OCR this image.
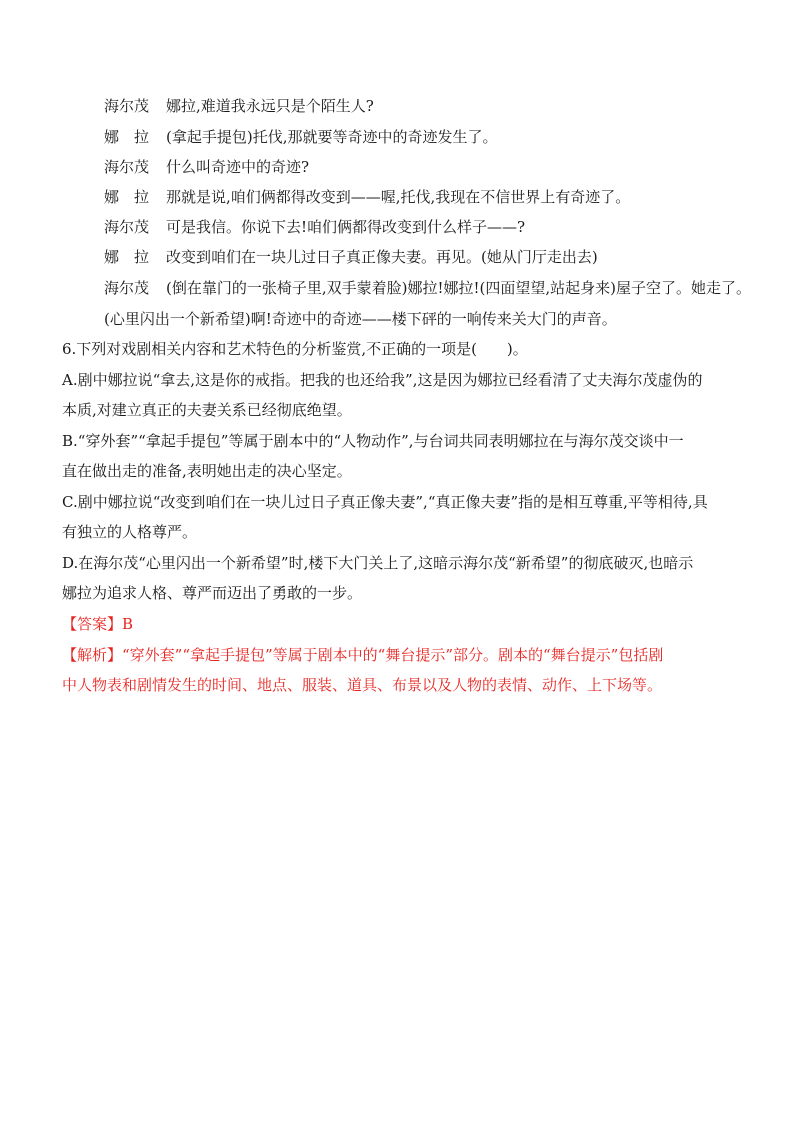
海尔茂 娜拉,难道我永远只是个陌生人?
娜　拉 (拿起手提包)托伐,那就要等奇迹中的奇迹发生了。
海尔茂 什么叫奇迹中的奇迹?
娜　拉 那就是说,咱们俩都得改变到——喔,托伐,我现在不信世界上有奇迹了。
海尔茂 可是我信。你说下去!咱们俩都得改变到什么样子——?
娜　拉 改变到咱们在一块儿过日子真正像夫妻。再见。(她从门厅走出去)
海尔茂 (倒在靠门的一张椅子里,双手蒙着脸)娜拉!娜拉!(四面望望,站起身来)屋子空了。她走了。
(心里闪出一个新希望)啊!奇迹中的奇迹——楼下砰的一响传来关大门的声音。
6.下列对戏剧相关内容和艺术特色的分析鉴赏,不正确的一项是(　　)。
A.剧中娜拉说“拿去,这是你的戒指。把我的也还给我”,这是因为娜拉已经看清了丈夫海尔茂虚伪的
本质,对建立真正的夫妻关系已经彻底绝望。
B.“穿外套”“拿起手提包”等属于剧本中的“人物动作”,与台词共同表明娜拉在与海尔茂交谈中一
直在做出走的准备,表明她出走的决心坚定。
C.剧中娜拉说“改变到咱们在一块儿过日子真正像夫妻”,“真正像夫妻”指的是相互尊重,平等相待,具
有独立的人格尊严。
D.在海尔茂“心里闪出一个新希望”时,楼下大门关上了,这暗示海尔茂“新希望”的彻底破灭,也暗示
娜拉为追求人格、尊严而迈出了勇敢的一步。
【答案】B
【解析】“穿外套”“拿起手提包”等属于剧本中的“舞台提示”部分。剧本的“舞台提示”包括剧
中人物表和剧情发生的时间、地点、服装、道具、布景以及人物的表情、动作、上下场等。
